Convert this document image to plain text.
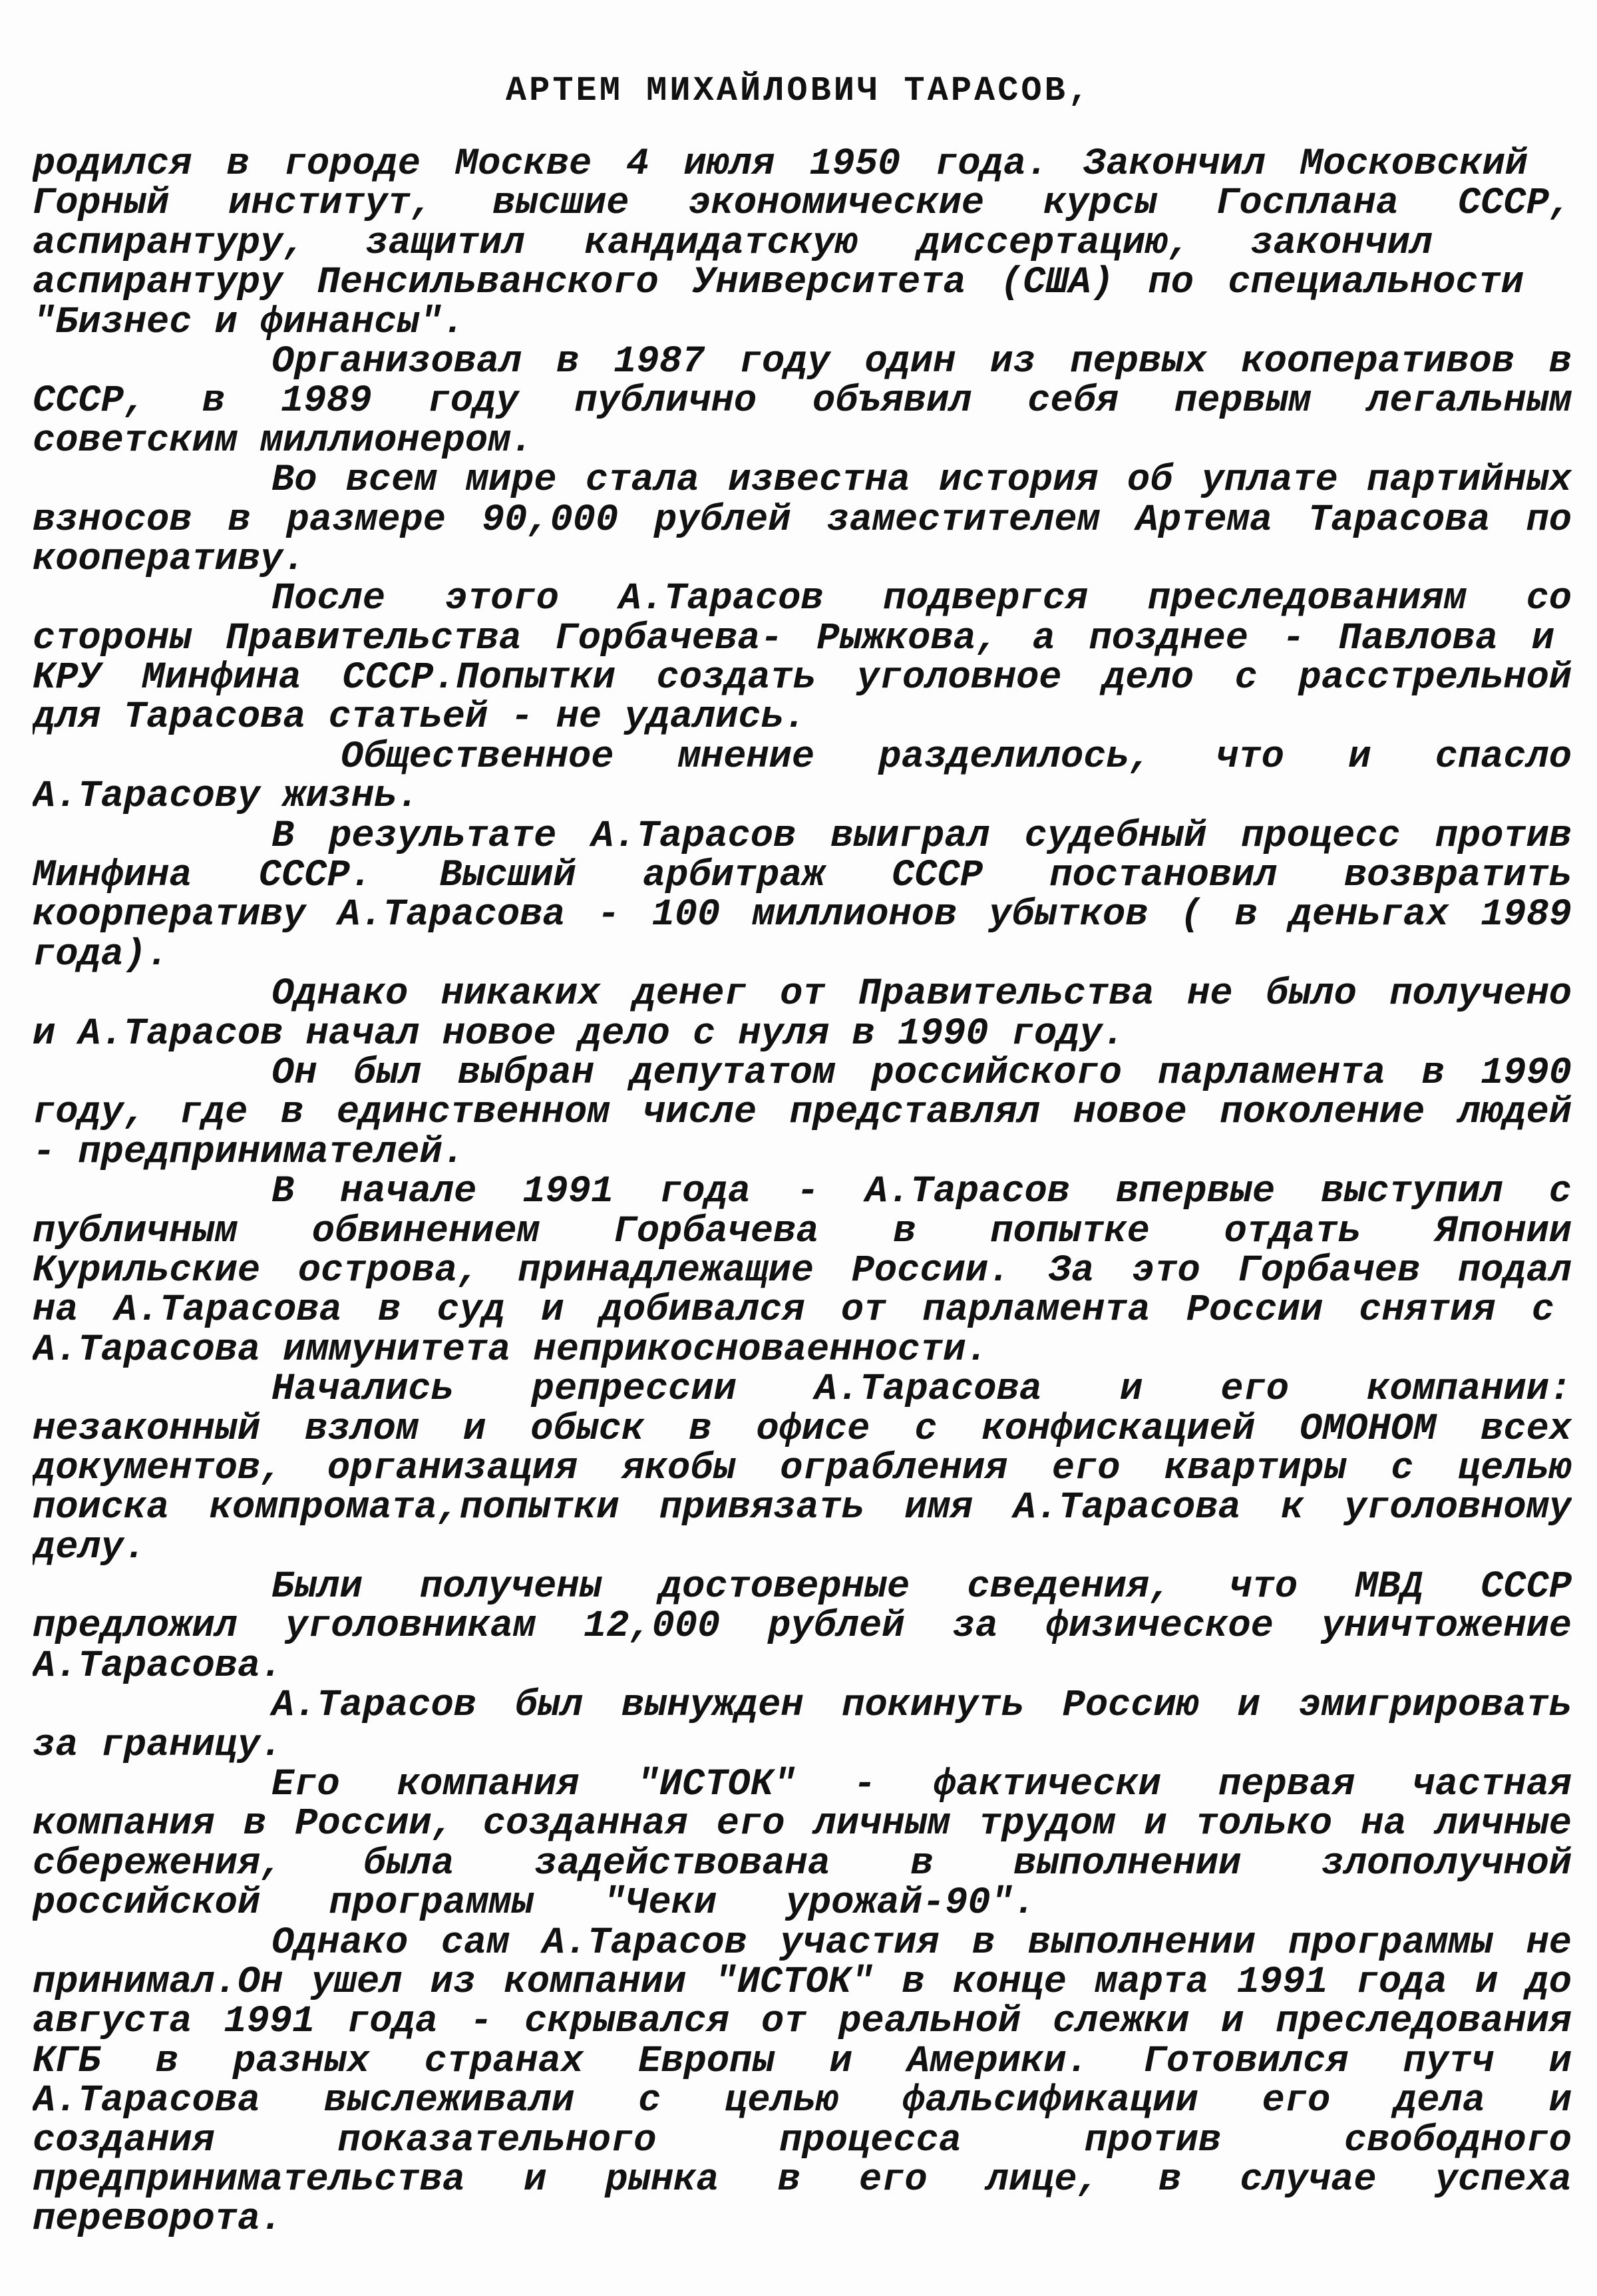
АРТЕМ МИХАЙЛОВИЧ ТАРАСОВ,
родился в городе Москве 4 июля 1950 года. Закончил Московский
Горный институт, высшие экономические курсы Госплана СССР,
аспирантуру, защитил кандидатскую диссертацию, закончил
аспирантуру Пенсильванского Университета (США) по специальности
"Бизнес и финансы".
Организовал в 1987 году один из первых кооперативов в
СССР, в 1989 году публично объявил себя первым легальным
советским миллионером.
Во всем мире стала известна история об уплате партийных
взносов в размере 90,000 рублей заместителем Артема Тарасова по
кооперативу.
После этого А.Тарасов подвергся преследованиям со
стороны Правительства Горбачева- Рыжкова, а позднее - Павлова и
КРУ Минфина СССР.Попытки создать уголовное дело с расстрельной
для Тарасова статьей - не удались.
Общественное мнение разделилось, что и спасло
А.Тарасову жизнь.
В результате А.Тарасов выиграл судебный процесс против
Минфина СССР. Высший арбитраж СССР постановил возвратить
коорперативу А.Тарасова - 100 миллионов убытков ( в деньгах 1989
года).
Однако никаких денег от Правительства не было получено
и А.Тарасов начал новое дело с нуля в 1990 году.
Он был выбран депутатом российского парламента в 1990
году, где в единственном числе представлял новое поколение людей
- предпринимателей.
В начале 1991 года - А.Тарасов впервые выступил с
публичным обвинением Горбачева в попытке отдать Японии
Курильские острова, принадлежащие России. За это Горбачев подал
на А.Тарасова в суд и добивался от парламента России снятия с
А.Тарасова иммунитета неприкосноваенности.
Начались репрессии А.Тарасова и его компании:
незаконный взлом и обыск в офисе с конфискацией ОМОНОМ всех
документов, организация якобы ограбления его квартиры с целью
поиска компромата,попытки привязать имя А.Тарасова к уголовному
делу.
Были получены достоверные сведения, что МВД СССР
предложил уголовникам 12,000 рублей за физическое уничтожение
А.Тарасова.
А.Тарасов был вынужден покинуть Россию и эмигрировать
за границу.
Его компания "ИСТОК" - фактически первая частная
компания в России, созданная его личным трудом и только на личные
сбережения, была задействована в выполнении злополучной
российской программы "Чеки урожай-90".
Однако сам А.Тарасов участия в выполнении программы не
принимал.Он ушел из компании "ИСТОК" в конце марта 1991 года и до
августа 1991 года - скрывался от реальной слежки и преследования
КГБ в разных странах Европы и Америки. Готовился путч и
А.Тарасова выслеживали с целью фальсификации его дела и
создания показательного процесса против свободного
предпринимательства и рынка в его лице, в случае успеха
переворота.
